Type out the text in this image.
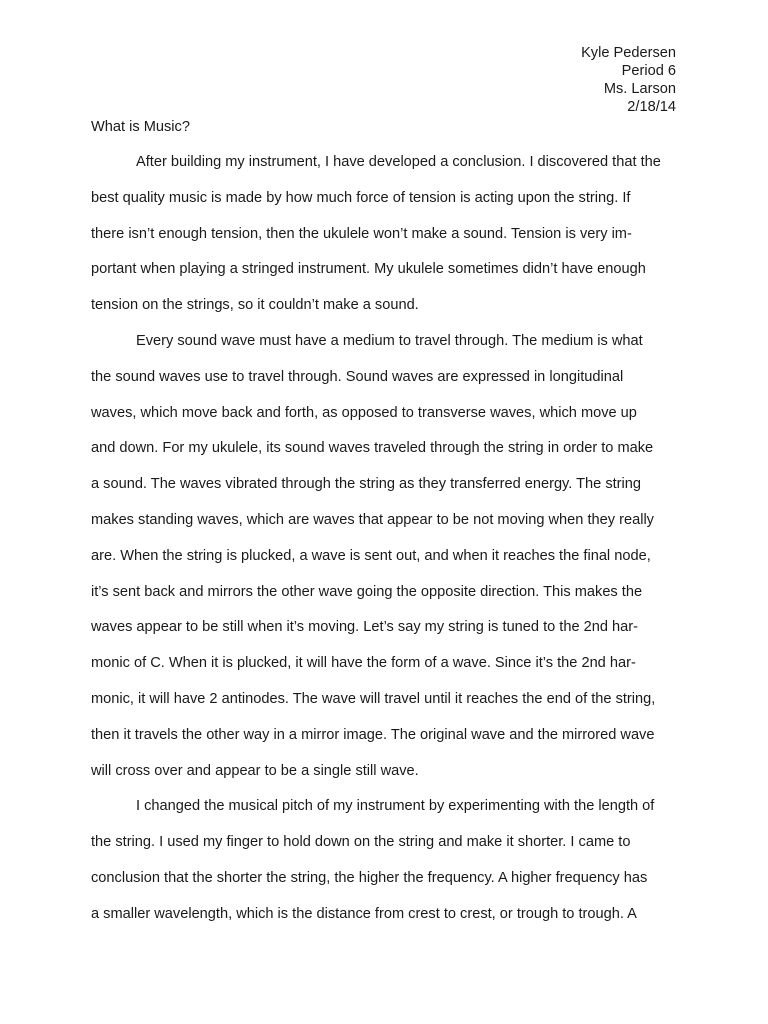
Kyle Pedersen
Period 6
Ms. Larson
2/18/14
What is Music?
After building my instrument, I have developed a conclusion. I discovered that the
best quality music is made by how much force of tension is acting upon the string. If
there isn’t enough tension, then the ukulele won’t make a sound. Tension is very im-
portant when playing a stringed instrument. My ukulele sometimes didn’t have enough
tension on the strings, so it couldn’t make a sound.
Every sound wave must have a medium to travel through. The medium is what
the sound waves use to travel through. Sound waves are expressed in longitudinal
waves, which move back and forth, as opposed to transverse waves, which move up
and down. For my ukulele, its sound waves traveled through the string in order to make
a sound. The waves vibrated through the string as they transferred energy. The string
makes standing waves, which are waves that appear to be not moving when they really
are. When the string is plucked, a wave is sent out, and when it reaches the final node,
it’s sent back and mirrors the other wave going the opposite direction. This makes the
waves appear to be still when it’s moving. Let’s say my string is tuned to the 2nd har-
monic of C. When it is plucked, it will have the form of a wave. Since it’s the 2nd har-
monic, it will have 2 antinodes. The wave will travel until it reaches the end of the string,
then it travels the other way in a mirror image. The original wave and the mirrored wave
will cross over and appear to be a single still wave.
I changed the musical pitch of my instrument by experimenting with the length of
the string. I used my finger to hold down on the string and make it shorter. I came to
conclusion that the shorter the string, the higher the frequency. A higher frequency has
a smaller wavelength, which is the distance from crest to crest, or trough to trough. A
